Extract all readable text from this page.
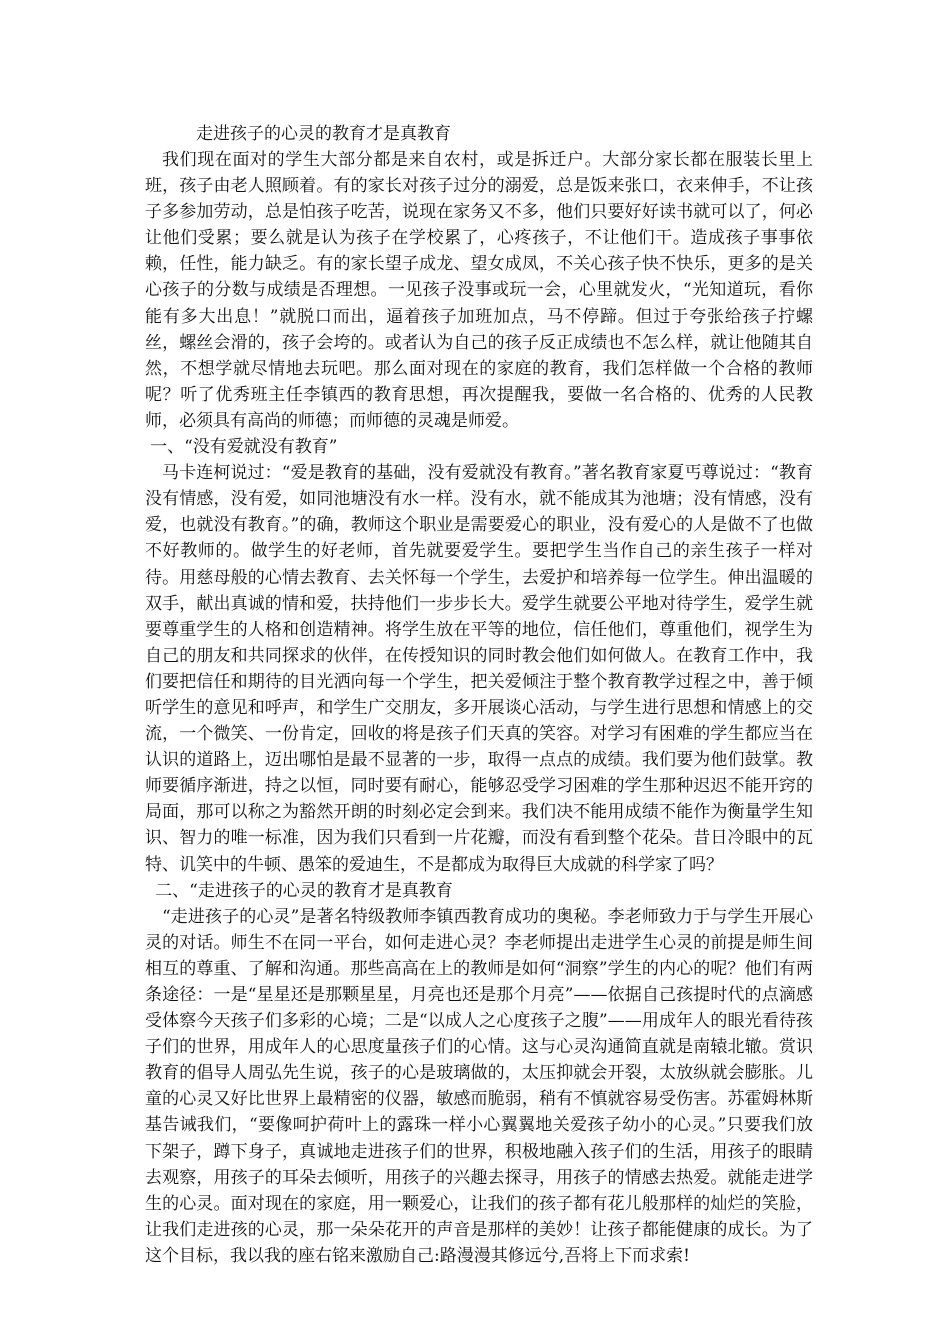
走进孩子的心灵的教育才是真教育

我们现在面对的学生大部分都是来自农村，或是拆迁户。大部分家长都在服装长里上班，孩子由老人照顾着。有的家长对孩子过分的溺爱，总是饭来张口，衣来伸手，不让孩子多参加劳动，总是怕孩子吃苦，说现在家务又不多，他们只要好好读书就可以了，何必让他们受累；要么就是认为孩子在学校累了，心疼孩子，不让他们干。造成孩子事事依赖，任性，能力缺乏。有的家长望子成龙、望女成凤，不关心孩子快不快乐，更多的是关心孩子的分数与成绩是否理想。一见孩子没事或玩一会，心里就发火，“光知道玩，看你能有多大出息！”就脱口而出，逼着孩子加班加点，马不停蹄。但过于夸张给孩子拧螺丝，螺丝会滑的，孩子会垮的。或者认为自己的孩子反正成绩也不怎么样，就让他随其自然，不想学就尽情地去玩吧。那么面对现在的家庭的教育，我们怎样做一个合格的教师呢？听了优秀班主任李镇西的教育思想，再次提醒我，要做一名合格的、优秀的人民教师，必须具有高尚的师德；而师德的灵魂是师爱。

一、“没有爱就没有教育”

马卡连柯说过：“爱是教育的基础，没有爱就没有教育。”著名教育家夏丐尊说过：“教育没有情感，没有爱，如同池塘没有水一样。没有水，就不能成其为池塘；没有情感，没有爱，也就没有教育。”的确，教师这个职业是需要爱心的职业，没有爱心的人是做不了也做不好教师的。做学生的好老师，首先就要爱学生。要把学生当作自己的亲生孩子一样对待。用慈母般的心情去教育、去关怀每一个学生，去爱护和培养每一位学生。伸出温暖的双手，献出真诚的情和爱，扶持他们一步步长大。爱学生就要公平地对待学生，爱学生就要尊重学生的人格和创造精神。将学生放在平等的地位，信任他们，尊重他们，视学生为自己的朋友和共同探求的伙伴，在传授知识的同时教会他们如何做人。在教育工作中，我们要把信任和期待的目光洒向每一个学生，把关爱倾注于整个教育教学过程之中，善于倾听学生的意见和呼声，和学生广交朋友，多开展谈心活动，与学生进行思想和情感上的交流，一个微笑、一份肯定，回收的将是孩子们天真的笑容。对学习有困难的学生都应当在认识的道路上，迈出哪怕是最不显著的一步，取得一点点的成绩。我们要为他们鼓掌。教师要循序渐进，持之以恒，同时要有耐心，能够忍受学习困难的学生那种迟迟不能开窍的局面，那可以称之为豁然开朗的时刻必定会到来。我们决不能用成绩不能作为衡量学生知识、智力的唯一标准，因为我们只看到一片花瓣，而没有看到整个花朵。昔日冷眼中的瓦特、讥笑中的牛顿、愚笨的爱迪生，不是都成为取得巨大成就的科学家了吗？

二、“走进孩子的心灵的教育才是真教育

“走进孩子的心灵”是著名特级教师李镇西教育成功的奥秘。李老师致力于与学生开展心灵的对话。师生不在同一平台，如何走进心灵？李老师提出走进学生心灵的前提是师生间相互的尊重、了解和沟通。那些高高在上的教师是如何“洞察”学生的内心的呢？他们有两条途径：一是“星星还是那颗星星，月亮也还是那个月亮”——依据自己孩提时代的点滴感受体察今天孩子们多彩的心境；二是“以成人之心度孩子之腹”——用成年人的眼光看待孩子们的世界，用成年人的心思度量孩子们的心情。这与心灵沟通简直就是南辕北辙。赏识教育的倡导人周弘先生说，孩子的心是玻璃做的，太压抑就会开裂，太放纵就会膨胀。儿童的心灵又好比世界上最精密的仪器，敏感而脆弱，稍有不慎就容易受伤害。苏霍姆林斯基告诫我们，“要像呵护荷叶上的露珠一样小心翼翼地关爱孩子幼小的心灵。”只要我们放下架子，蹲下身子，真诚地走进孩子们的世界，积极地融入孩子们的生活，用孩子的眼睛去观察，用孩子的耳朵去倾听，用孩子的兴趣去探寻，用孩子的情感去热爱。就能走进学生的心灵。面对现在的家庭，用一颗爱心，让我们的孩子都有花儿般那样的灿烂的笑脸，让我们走进孩的心灵，那一朵朵花开的声音是那样的美妙！让孩子都能健康的成长。为了这个目标，我以我的座右铭来激励自己:路漫漫其修远兮,吾将上下而求索!
